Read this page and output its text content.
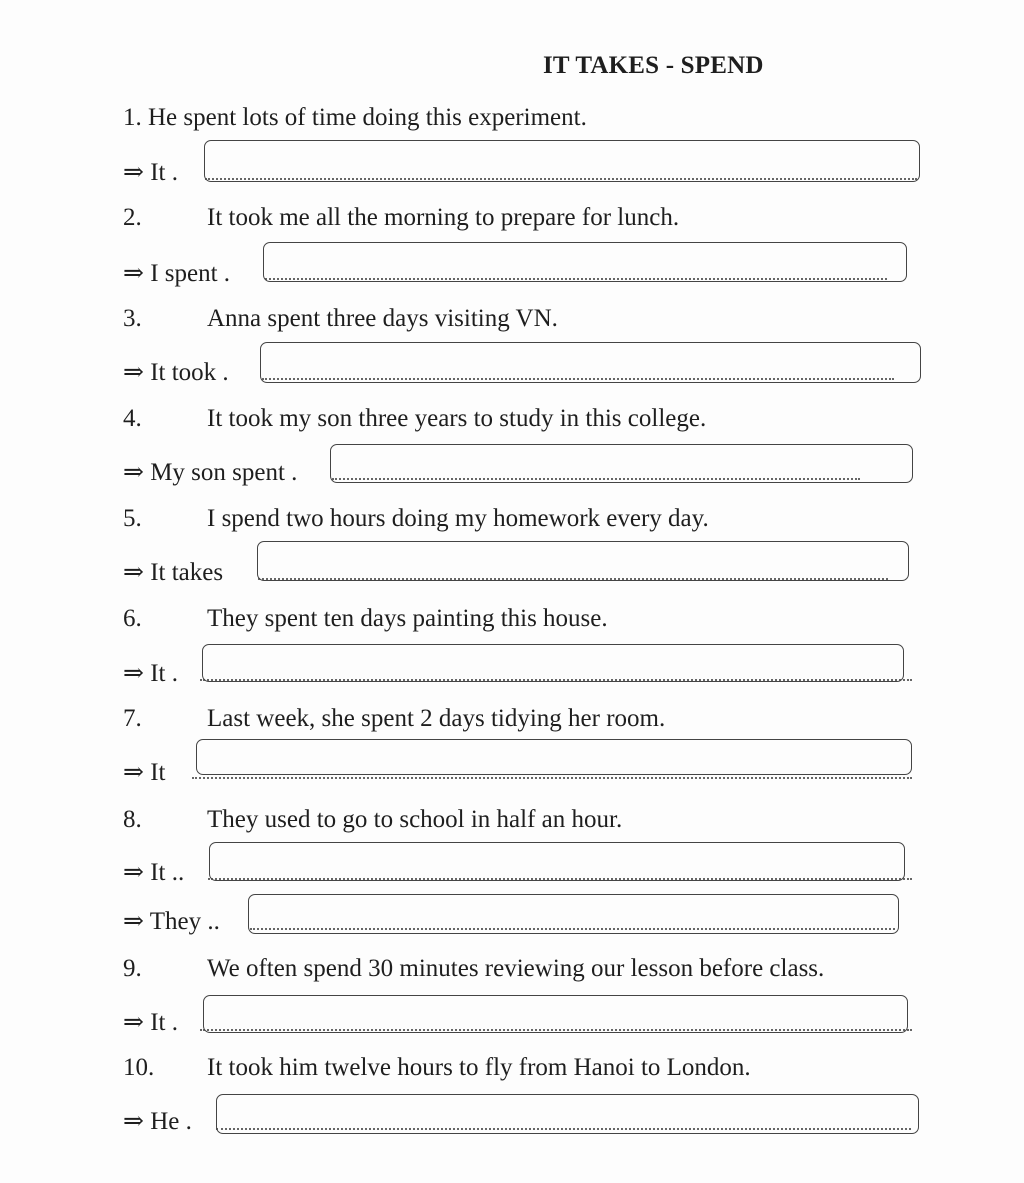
IT TAKES - SPEND
1. He spent lots of time doing this experiment.
⇒ It .
2.	It took me all the morning to prepare for lunch.
⇒ I spent .
3.	Anna spent three days visiting VN.
⇒ It took .
4.	It took my son three years to study in this college.
⇒ My son spent .
5.	I spend two hours doing my homework every day.
⇒ It takes
6.	They spent ten days painting this house.
⇒ It .
7.	Last week, she spent 2 days tidying her room.
⇒ It
8.	They used to go to school in half an hour.
⇒ It ..
⇒ They ..
9.	We often spend 30 minutes reviewing our lesson before class.
⇒ It .
10. It took him twelve hours to fly from Hanoi to London.
⇒ He .
